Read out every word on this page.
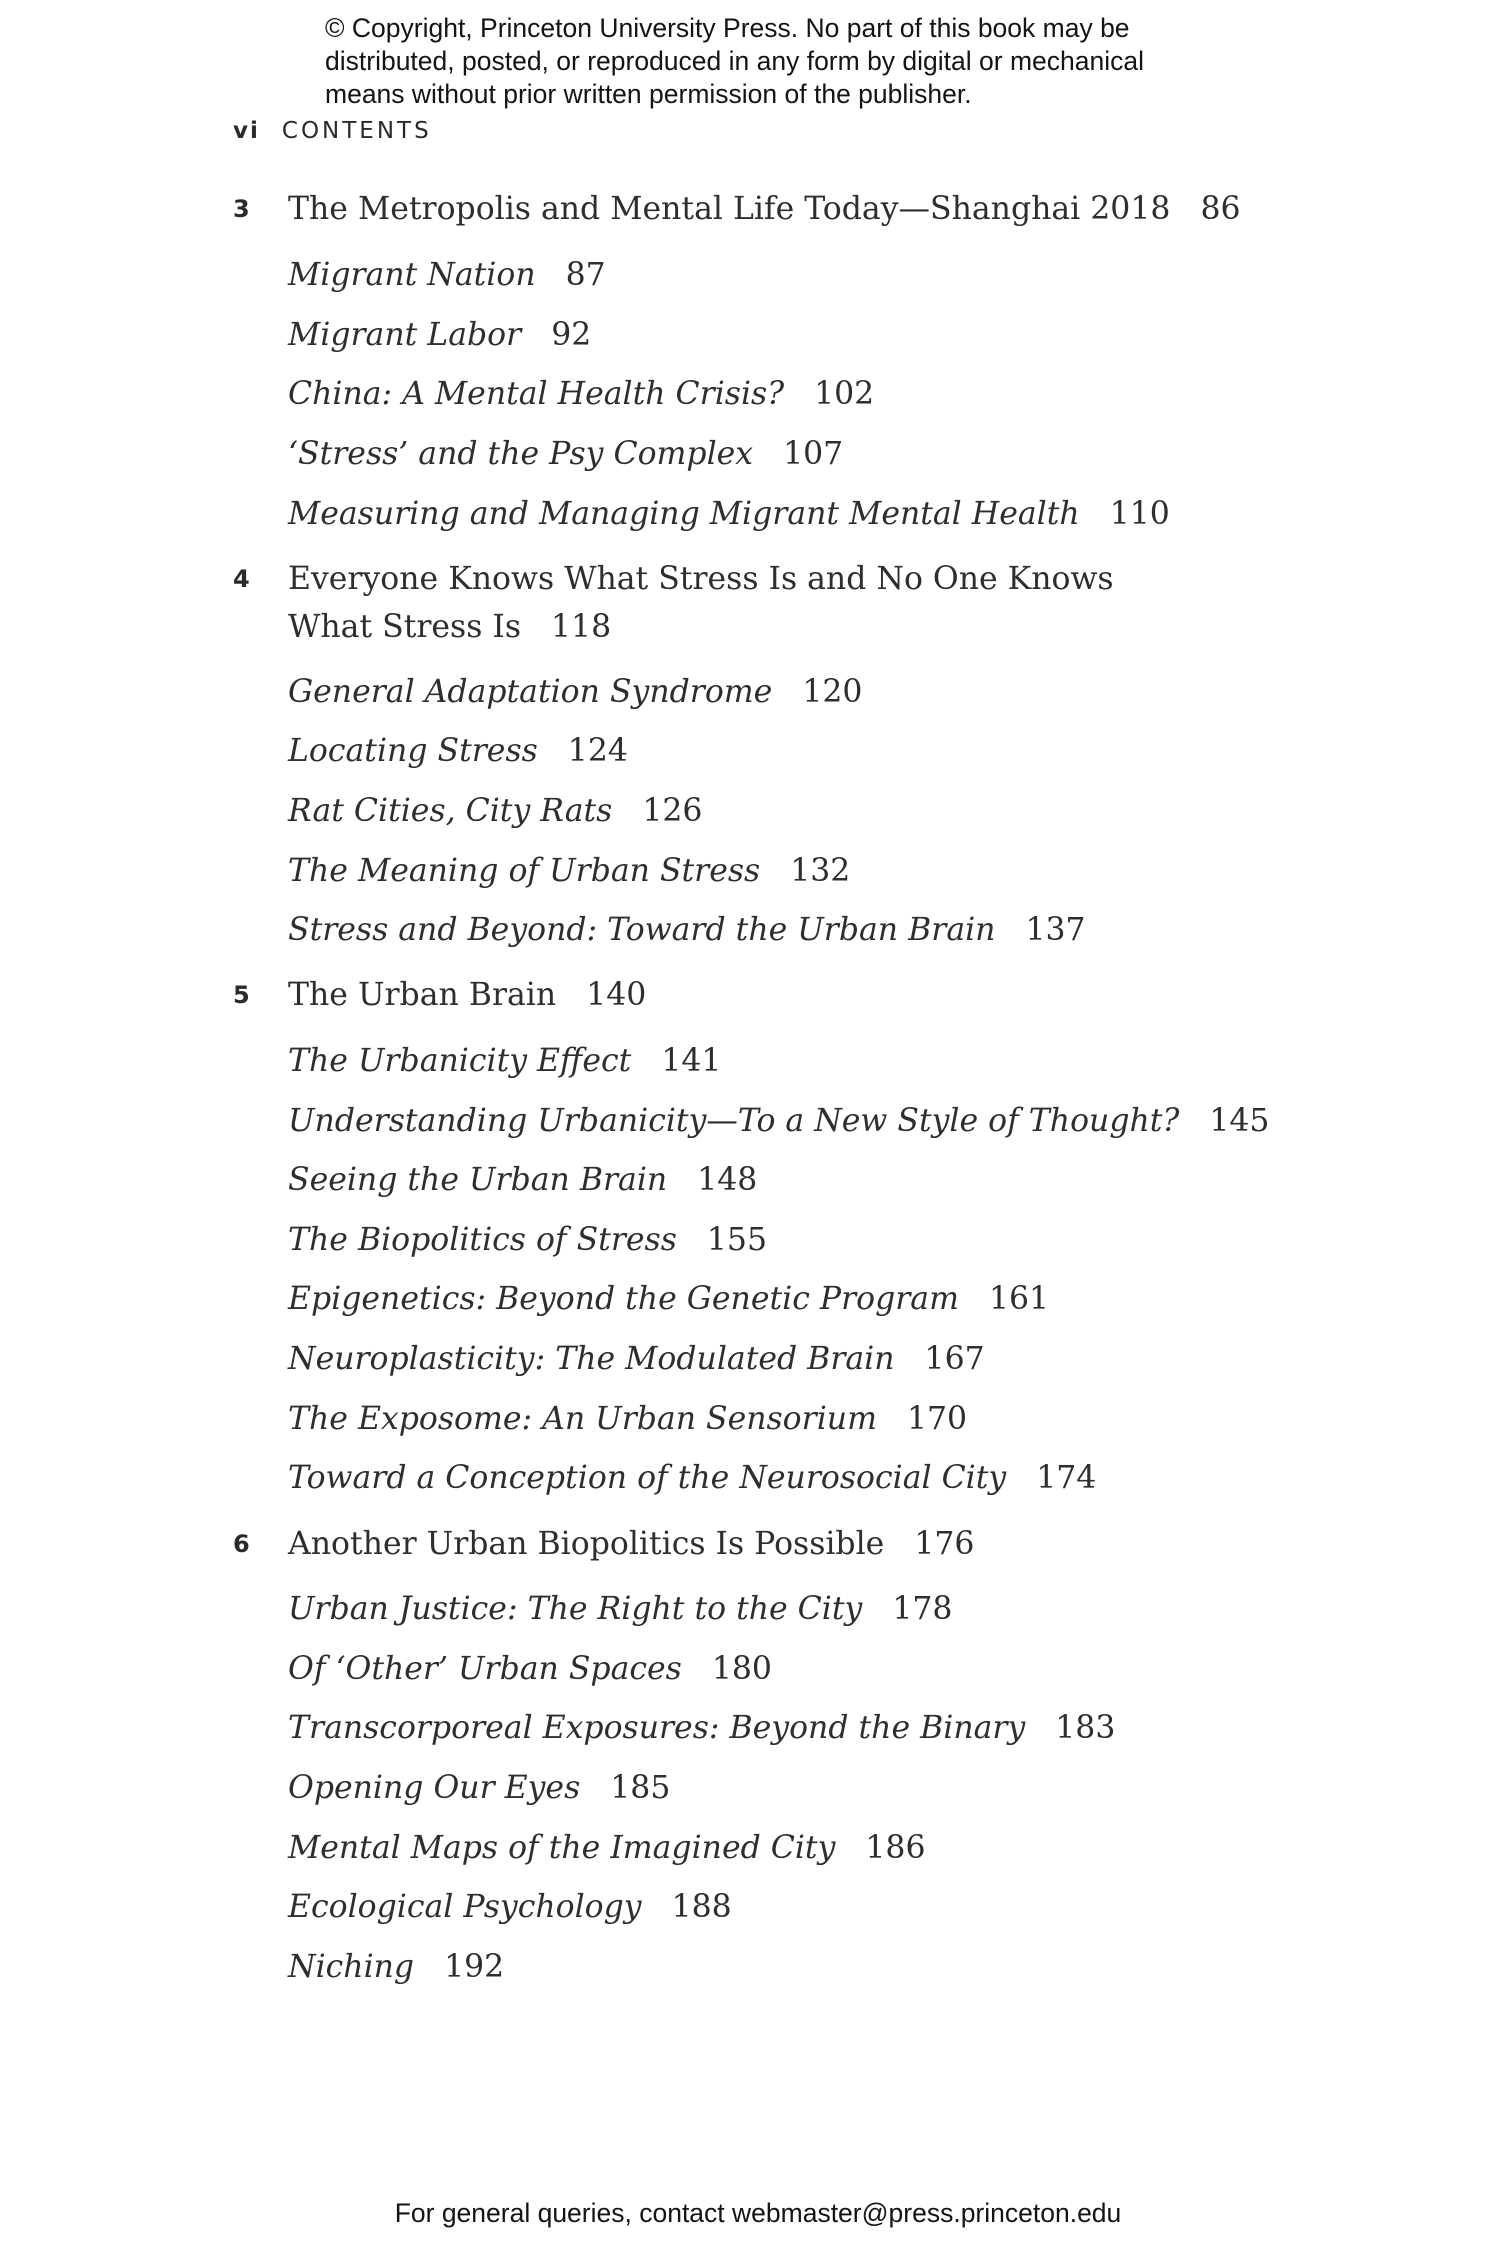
© Copyright, Princeton University Press. No part of this book may be
distributed, posted, or reproduced in any form by digital or mechanical
means without prior written permission of the publisher.
vi CONTENTS
3 The Metropolis and Mental Life Today—Shanghai 2018 86
Migrant Nation 87
Migrant Labor 92
China: A Mental Health Crisis? 102
‘Stress’ and the Psy Complex 107
Measuring and Managing Migrant Mental Health 110
4 Everyone Knows What Stress Is and No One Knows
What Stress Is 118
General Adaptation Syndrome 120
Locating Stress 124
Rat Cities, City Rats 126
The Meaning of Urban Stress 132
Stress and Beyond: Toward the Urban Brain 137
5 The Urban Brain 140
The Urbanicity Effect 141
Understanding Urbanicity—To a New Style of Thought? 145
Seeing the Urban Brain 148
The Biopolitics of Stress 155
Epigenetics: Beyond the Genetic Program 161
Neuroplasticity: The Modulated Brain 167
The Exposome: An Urban Sensorium 170
Toward a Conception of the Neurosocial City 174
6 Another Urban Biopolitics Is Possible 176
Urban Justice: The Right to the City 178
Of ‘Other’ Urban Spaces 180
Transcorporeal Exposures: Beyond the Binary 183
Opening Our Eyes 185
Mental Maps of the Imagined City 186
Ecological Psychology 188
Niching 192
For general queries, contact webmaster@press.princeton.edu
